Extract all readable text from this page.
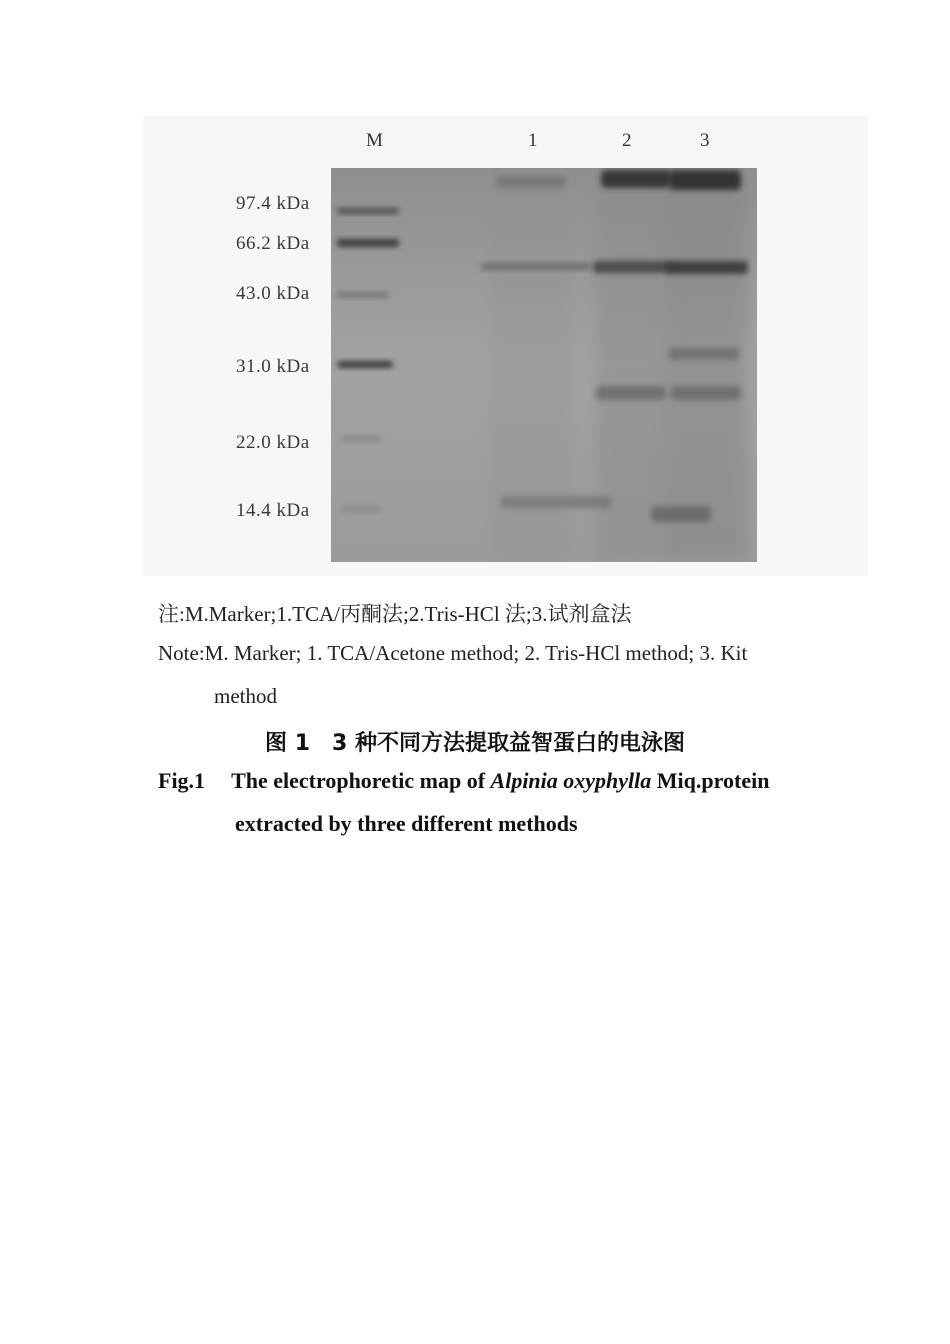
M	1	2	3
97.4 kDa
66.2 kDa
43.0 kDa
31.0 kDa
22.0 kDa
14.4 kDa
注:M.Marker;1.TCA/丙酮法;2.Tris-HCl 法;3.试剂盒法
Note:M. Marker; 1. TCA/Acetone method; 2. Tris-HCl method; 3. Kit
method
图 1　3 种不同方法提取益智蛋白的电泳图
Fig.1 The electrophoretic map of Alpinia oxyphylla Miq.protein
extracted by three different methods
